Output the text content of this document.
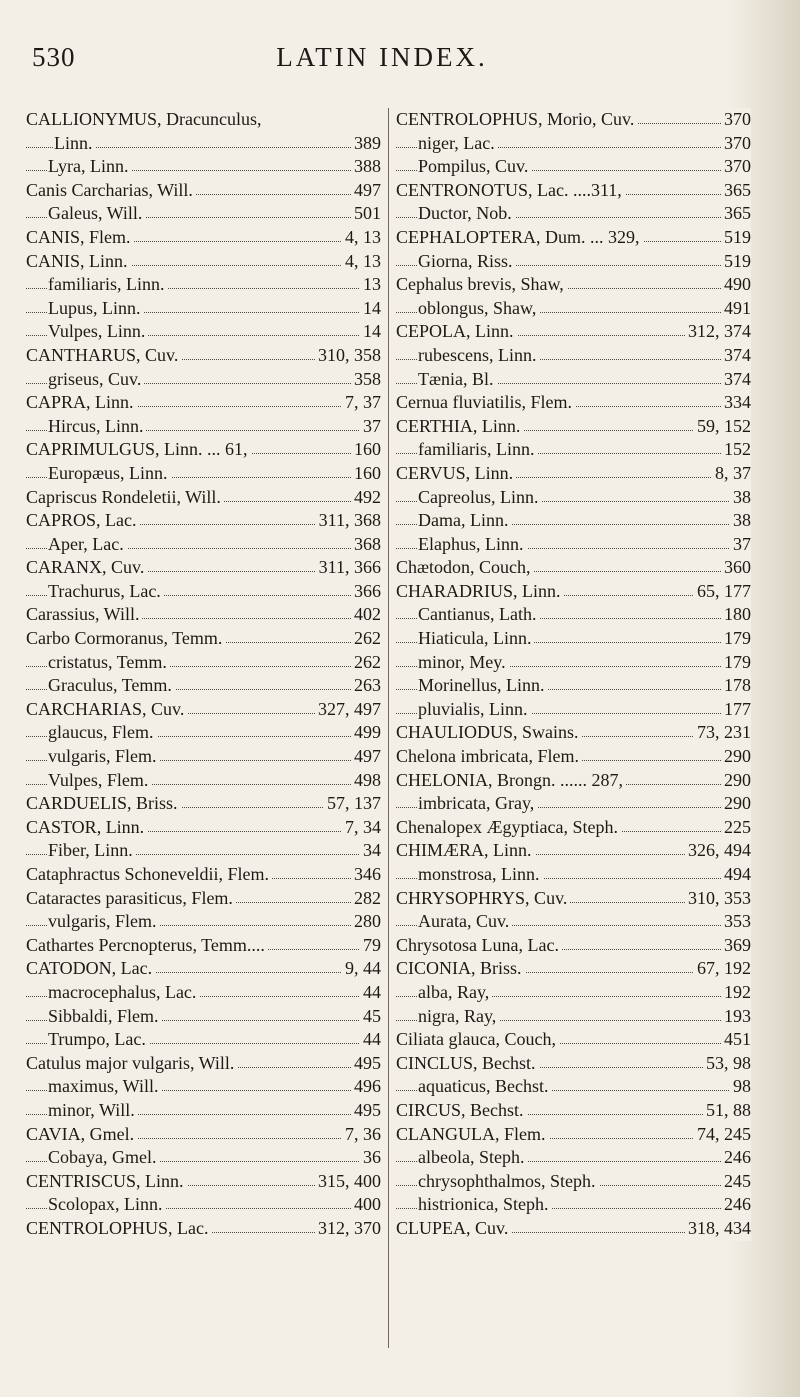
LATIN INDEX.
530
CALLIONYMUS, Dracunculus,
Linn.	389
Lyra, Linn.	388
Canis Carcharias, Will.	497
Galeus, Will.	501
CANIS, Flem.	4, 13
CANIS, Linn.	4, 13
familiaris, Linn.	13
Lupus, Linn.	14
Vulpes, Linn.	14
CANTHARUS, Cuv.	310, 358
griseus, Cuv.	358
CAPRA, Linn.	7, 37
Hircus, Linn.	37
CAPRIMULGUS, Linn. ... 61,	160
Europæus, Linn.	160
Capriscus Rondeletii, Will.	492
CAPROS, Lac.	311, 368
Aper, Lac.	368
CARANX, Cuv.	311, 366
Trachurus, Lac.	366
Carassius, Will.	402
Carbo Cormoranus, Temm.	262
cristatus, Temm.	262
Graculus, Temm.	263
CARCHARIAS, Cuv.	327, 497
glaucus, Flem.	499
vulgaris, Flem.	497
Vulpes, Flem.	498
CARDUELIS, Briss.	57, 137
CASTOR, Linn.	7, 34
Fiber, Linn.	34
Cataphractus Schoneveldii, Flem.	346
Cataractes parasiticus, Flem.	282
vulgaris, Flem.	280
Cathartes Percnopterus, Temm....	79
CATODON, Lac.	9, 44
macrocephalus, Lac.	44
Sibbaldi, Flem.	45
Trumpo, Lac.	44
Catulus major vulgaris, Will.	495
maximus, Will.	496
minor, Will.	495
CAVIA, Gmel.	7, 36
Cobaya, Gmel.	36
CENTRISCUS, Linn.	315, 400
Scolopax, Linn.	400
CENTROLOPHUS, Lac.	312, 370
CENTROLOPHUS, Morio, Cuv.	370
niger, Lac.	370
Pompilus, Cuv.	370
CENTRONOTUS, Lac. ....311,	365
Ductor, Nob.	365
CEPHALOPTERA, Dum. ... 329,	519
Giorna, Riss.	519
Cephalus brevis, Shaw,	490
oblongus, Shaw,	491
CEPOLA, Linn.	312, 374
rubescens, Linn.	374
Tænia, Bl.	374
Cernua fluviatilis, Flem.	334
CERTHIA, Linn.	59, 152
familiaris, Linn.	152
CERVUS, Linn.	8, 37
Capreolus, Linn.	38
Dama, Linn.	38
Elaphus, Linn.	37
Chætodon, Couch,	360
CHARADRIUS, Linn.	65, 177
Cantianus, Lath.	180
Hiaticula, Linn.	179
minor, Mey.	179
Morinellus, Linn.	178
pluvialis, Linn.	177
CHAULIODUS, Swains.	73, 231
Chelona imbricata, Flem.	290
CHELONIA, Brongn. ...... 287,	290
imbricata, Gray,	290
Chenalopex Ægyptiaca, Steph.	225
CHIMÆRA, Linn.	326, 494
monstrosa, Linn.	494
CHRYSOPHRYS, Cuv.	310, 353
Aurata, Cuv.	353
Chrysotosa Luna, Lac.	369
CICONIA, Briss.	67, 192
alba, Ray,	192
nigra, Ray,	193
Ciliata glauca, Couch,	451
CINCLUS, Bechst.	53, 98
aquaticus, Bechst.	98
CIRCUS, Bechst.	51, 88
CLANGULA, Flem.	74, 245
albeola, Steph.	246
chrysophthalmos, Steph.	245
histrionica, Steph.	246
CLUPEA, Cuv.	318, 434
